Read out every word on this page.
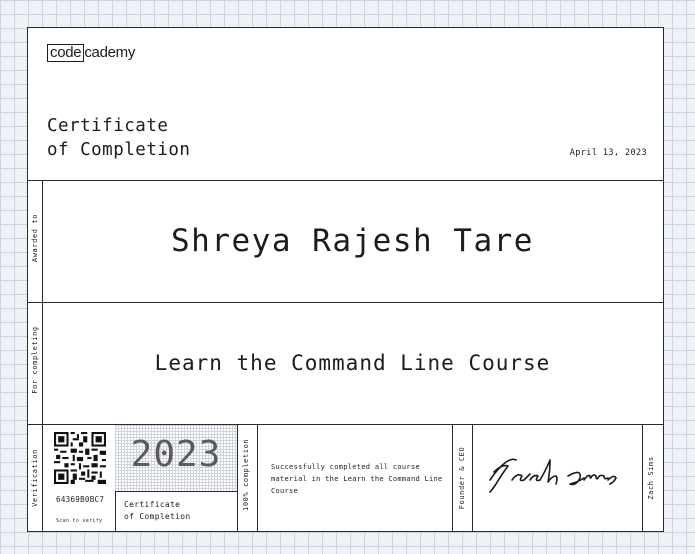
code cademy
Certificate
of Completion	April 13, 2023
Awarded to
For completing
Verification
Shreya Rajesh Tare
Learn the Command Line Course
64369B0BC7
Scan to verify
2023
Certificate
of Completion
100% completion	Successfully completed all course material in the Learn the Command Line Course	Founder & CEO	Zach Sims
